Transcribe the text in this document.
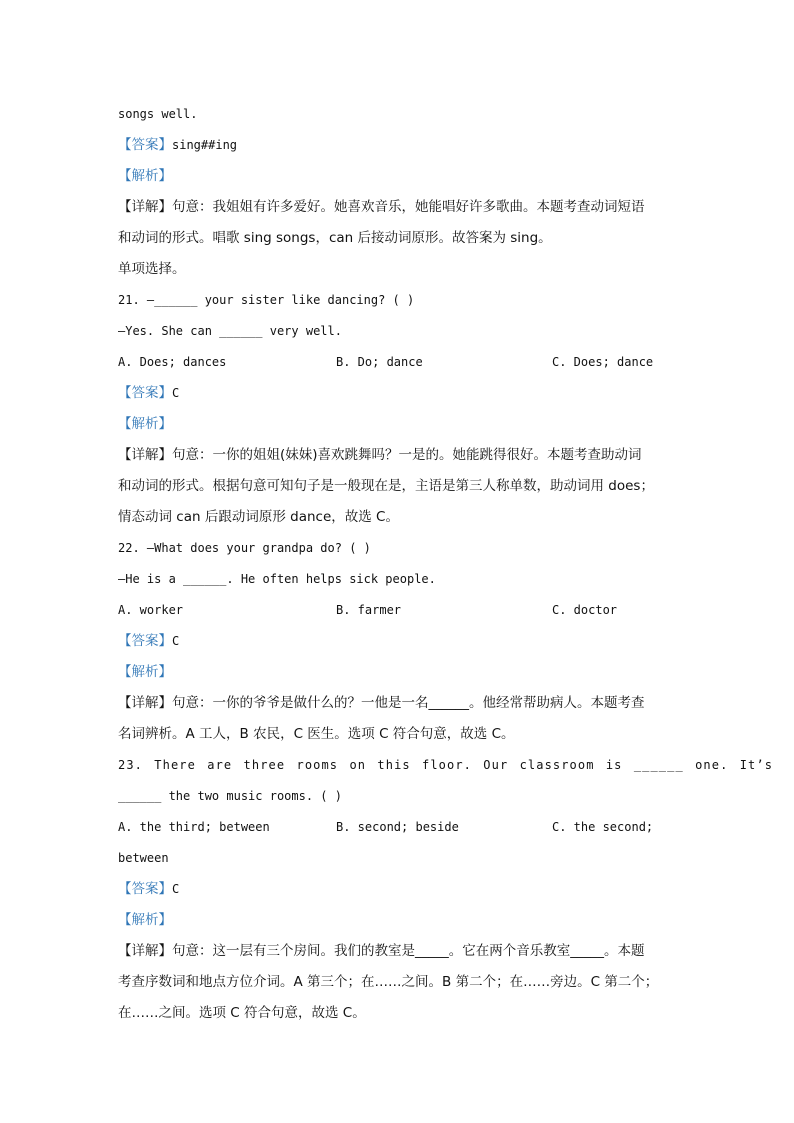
songs well.
【答案】sing##ing
【解析】
【详解】句意：我姐姐有许多爱好。她喜欢音乐，她能唱好许多歌曲。本题考查动词短语
和动词的形式。唱歌 sing songs，can 后接动词原形。故答案为 sing。
单项选择。
21. —______ your sister like dancing? ( )
—Yes. She can ______ very well.
A. Does; dances	B. Do; dance	C. Does; dance
【答案】C
【解析】
【详解】句意：一你的姐姐(妹妹)喜欢跳舞吗？一是的。她能跳得很好。本题考查助动词
和动词的形式。根据句意可知句子是一般现在是，主语是第三人称单数，助动词用 does；
情态动词 can 后跟动词原形 dance，故选 C。
22. —What does your grandpa do? ( )
—He is a ______. He often helps sick people.
A. worker	B. farmer	C. doctor
【答案】C
【解析】
【详解】句意：一你的爷爷是做什么的？一他是一名______。他经常帮助病人。本题考查
名词辨析。A 工人，B 农民，C 医生。选项 C 符合句意，故选 C。
23. There are three rooms on this floor. Our classroom is ______ one. It’s
______ the two music rooms. ( )
A. the third; between	B. second; beside	C. the second;
between
【答案】C
【解析】
【详解】句意：这一层有三个房间。我们的教室是_____。它在两个音乐教室_____。本题
考查序数词和地点方位介词。A 第三个；在……之间。B 第二个；在……旁边。C 第二个；
在……之间。选项 C 符合句意，故选 C。
